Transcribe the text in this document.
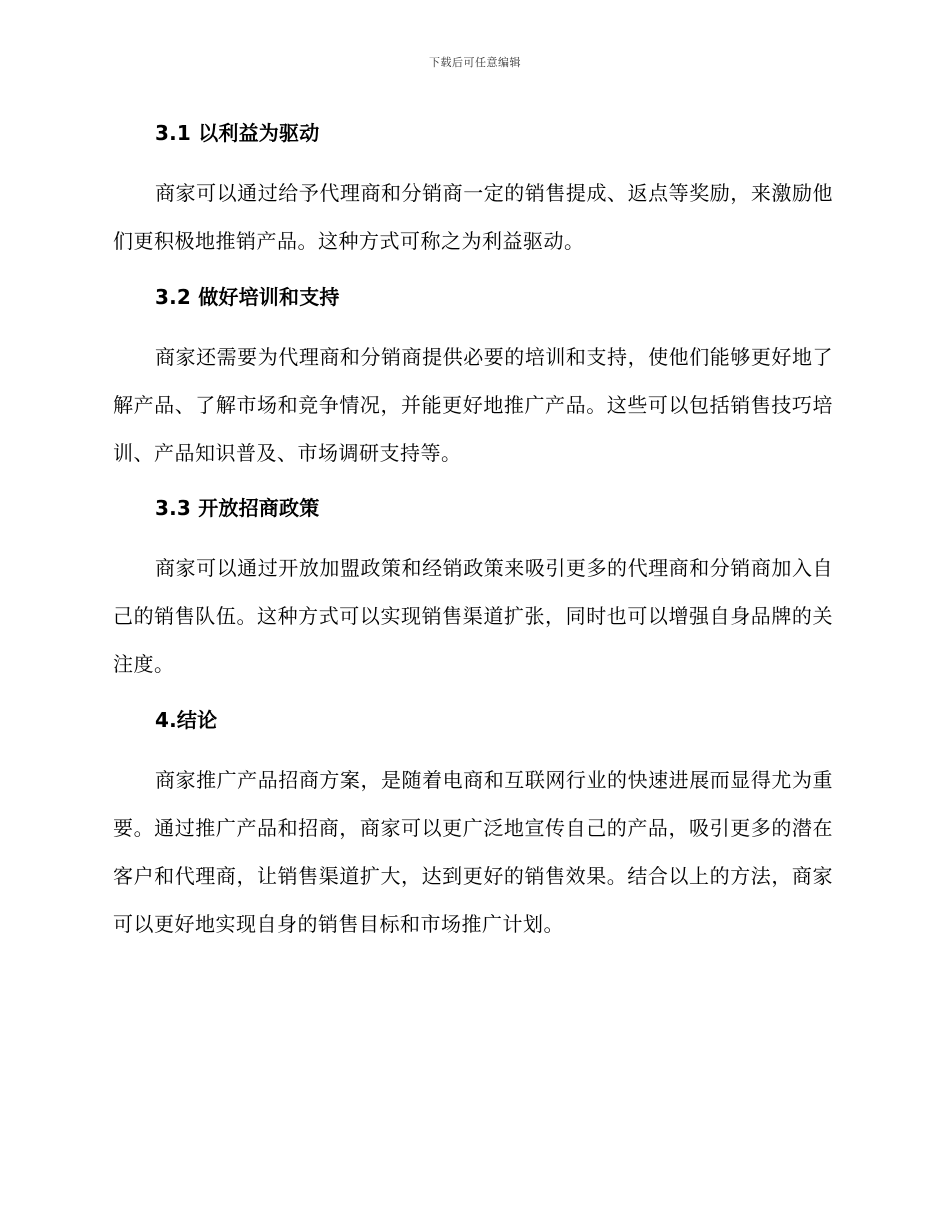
下载后可任意编辑
3.1 以利益为驱动

商家可以通过给予代理商和分销商一定的销售提成、返点等奖励，来激励他们更积极地推销产品。这种方式可称之为利益驱动。

3.2 做好培训和支持

商家还需要为代理商和分销商提供必要的培训和支持，使他们能够更好地了解产品、了解市场和竞争情况，并能更好地推广产品。这些可以包括销售技巧培训、产品知识普及、市场调研支持等。

3.3 开放招商政策

商家可以通过开放加盟政策和经销政策来吸引更多的代理商和分销商加入自己的销售队伍。这种方式可以实现销售渠道扩张，同时也可以增强自身品牌的关注度。

4.结论

商家推广产品招商方案，是随着电商和互联网行业的快速进展而显得尤为重要。通过推广产品和招商，商家可以更广泛地宣传自己的产品，吸引更多的潜在客户和代理商，让销售渠道扩大，达到更好的销售效果。结合以上的方法，商家可以更好地实现自身的销售目标和市场推广计划。
